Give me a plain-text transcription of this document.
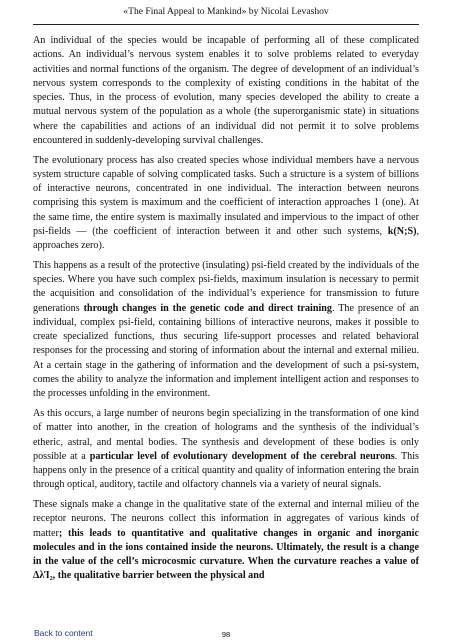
«The Final Appeal to Mankind» by Nicolai Levashov

An individual of the species would be incapable of performing all of these complicated actions. An individual’s nervous system enables it to solve problems related to everyday activities and normal functions of the organism. The degree of development of an individual’s nervous system corresponds to the complexity of existing conditions in the habitat of the species. Thus, in the process of evolution, many species developed the ability to create a mutual nervous system of the population as a whole (the superorganismic state) in situations where the capabilities and actions of an individual did not permit it to solve problems encountered in suddenly-developing survival challenges.

The evolutionary process has also created species whose individual members have a nervous system structure capable of solving complicated tasks. Such a structure is a system of billions of interactive neurons, concentrated in one individual. The interaction between neurons comprising this system is maximum and the coefficient of interaction approaches 1 (one). At the same time, the entire system is maximally insulated and impervious to the impact of other psi-fields — (the coefficient of interaction between it and other such systems, k(N;S), approaches zero).

This happens as a result of the protective (insulating) psi-field created by the individuals of the species. Where you have such complex psi-fields, maximum insulation is necessary to permit the acquisition and consolidation of the individual’s experience for transmission to future generations through changes in the genetic code and direct training. The presence of an individual, complex psi-field, containing billions of interactive neurons, makes it possible to create specialized functions, thus securing life-support processes and related behavioral responses for the processing and storing of information about the internal and external milieu. At a certain stage in the gathering of information and the development of such a psi-system, comes the ability to analyze the information and implement intelligent action and responses to the processes unfolding in the environment.

As this occurs, a large number of neurons begin specializing in the transformation of one kind of matter into another, in the creation of holograms and the synthesis of the individual’s etheric, astral, and mental bodies. The synthesis and development of these bodies is only possible at a particular level of evolutionary development of the cerebral neurons. This happens only in the presence of a critical quantity and quality of information entering the brain through optical, auditory, tactile and olfactory channels via a variety of neural signals.

These signals make a change in the qualitative state of the external and internal milieu of the receptor neurons. The neurons collect this information in aggregates of various kinds of matter; this leads to quantitative and qualitative changes in organic and inorganic molecules and in the ions contained inside the neurons. Ultimately, the result is a change in the value of the cell’s microcosmic curvature. When the curvature reaches a value of ΔλΊ₂, the qualitative barrier between the physical and

Back to content	98
